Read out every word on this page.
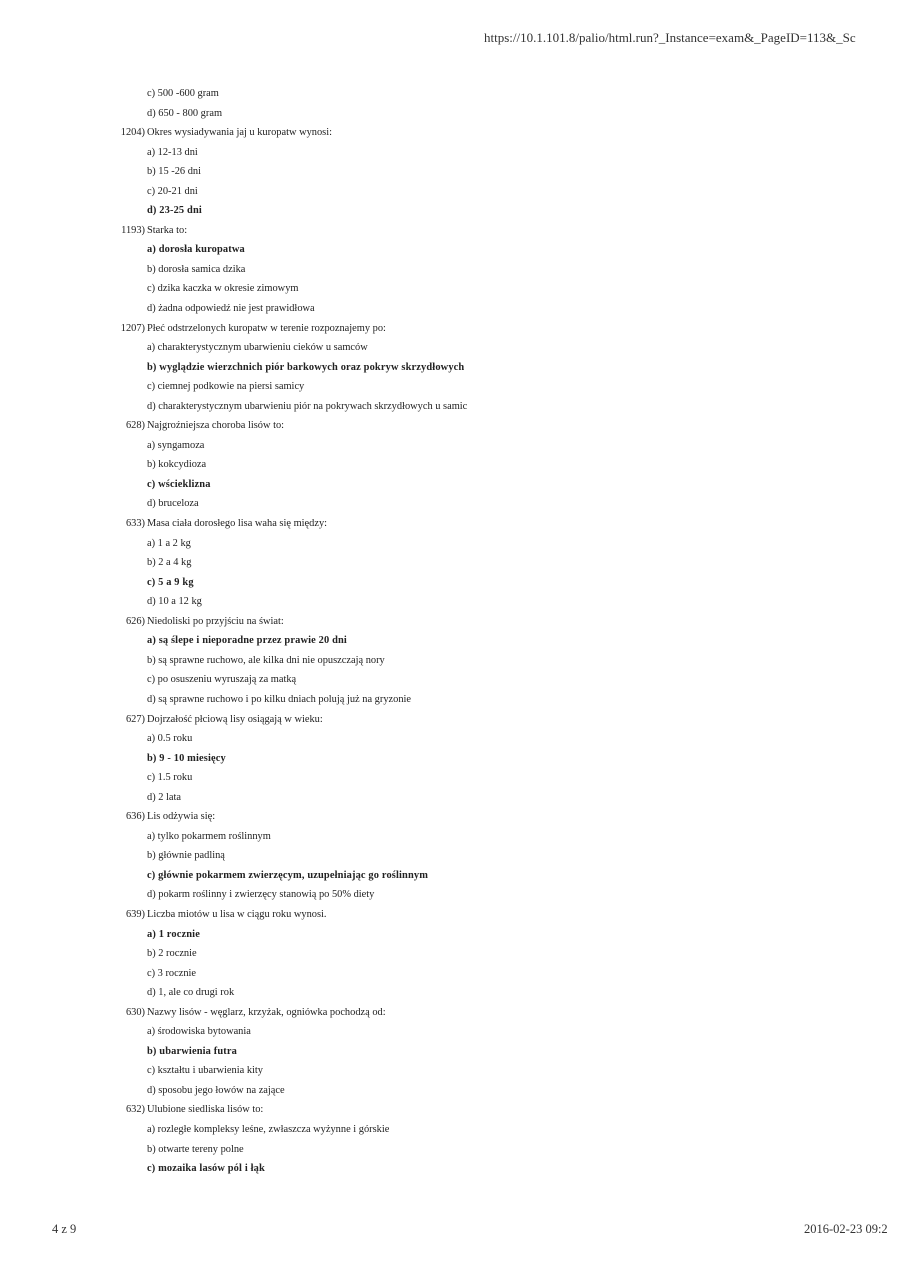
https://10.1.101.8/palio/html.run?_Instance=exam&_PageID=113&_Sc
c) 500 -600 gram
d) 650 - 800 gram
1204) Okres wysiadywania jaj u kuropatw wynosi:
a) 12-13 dni
b) 15 -26 dni
c) 20-21 dni
d) 23-25 dni
1193) Starka to:
a) dorosła kuropatwa
b) dorosła samica dzika
c) dzika kaczka w okresie zimowym
d) żadna odpowiedź nie jest prawidłowa
1207) Płeć odstrzelonych kuropatw w terenie rozpoznajemy po:
a) charakterystycznym ubarwieniu cieków u samców
b) wyglądzie wierzchnich piór barkowych oraz pokryw skrzydłowych
c) ciemnej podkowie na piersi samicy
d) charakterystycznym ubarwieniu piór na pokrywach skrzydłowych u samic
628) Najgroźniejsza choroba lisów to:
a) syngamoza
b) kokcydioza
c) wścieklizna
d) bruceloza
633) Masa ciała dorosłego lisa waha się między:
a) 1 a 2 kg
b) 2 a 4 kg
c) 5 a 9 kg
d) 10 a 12 kg
626) Niedoliski po przyjściu na świat:
a) są ślepe i nieporadne przez prawie 20 dni
b) są sprawne ruchowo, ale kilka dni nie opuszczają nory
c) po osuszeniu wyruszają za matką
d) są sprawne ruchowo i po kilku dniach polują już na gryzonie
627) Dojrzałość płciową lisy osiągają w wieku:
a) 0.5 roku
b) 9 - 10 miesięcy
c) 1.5 roku
d) 2 lata
636) Lis odżywia się:
a) tylko pokarmem roślinnym
b) głównie padliną
c) głównie pokarmem zwierzęcym, uzupełniając go roślinnym
d) pokarm roślinny i zwierzęcy stanowią po 50% diety
639) Liczba miotów u lisa w ciągu roku wynosi.
a) 1 rocznie
b) 2 rocznie
c) 3 rocznie
d) 1, ale co drugi rok
630) Nazwy lisów - węglarz, krzyżak, ogniówka pochodzą od:
a) środowiska bytowania
b) ubarwienia futra
c) kształtu i ubarwienia kity
d) sposobu jego łowów na zające
632) Ulubione siedliska lisów to:
a) rozległe kompleksy leśne, zwłaszcza wyżynne i górskie
b) otwarte tereny polne
c) mozaika lasów pól i łąk
4 z 9	2016-02-23 09:2
